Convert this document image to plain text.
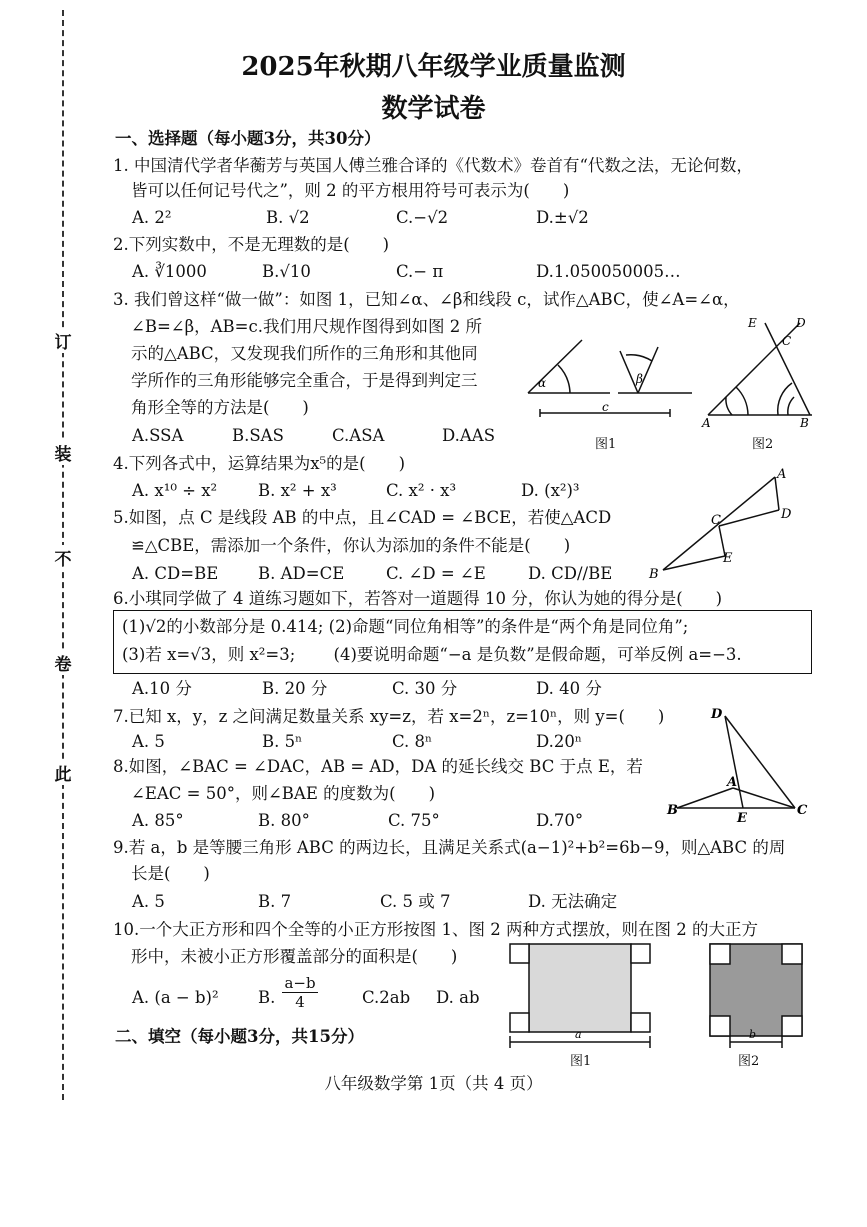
订
装
不
卷
此
2025年秋期八年级学业质量监测
数学试卷
一、选择题（每小题3分，共30分）
1. 中国清代学者华蘅芳与英国人傅兰雅合译的《代数术》卷首有“代数之法，无论何数，
皆可以任何记号代之”，则 2 的平方根用符号可表示为(　　)
A. 2²	B. √2	C.−√2	D.±√2
2.下列实数中，不是无理数的是(　　)
A. ∛1000	B.√10	C.− π	D.1.050050005…
3. 我们曾这样“做一做”：如图 1，已知∠α、∠β和线段 c，试作△ABC，使∠A=∠α，
∠B=∠β，AB=c.我们用尺规作图得到如图 2 所
示的△ABC，又发现我们所作的三角形和其他同
学所作的三角形能够完全重合，于是得到判定三
角形全等的方法是(　　)
A.SSA	B.SAS	C.ASA	D.AAS
α	β
c
A	B
C
D
E
图1	图2
4.下列各式中，运算结果为x⁵的是(　　)
A. x¹⁰ ÷ x² B. x² + x³	C. x² · x³	D. (x²)³
5.如图，点 C 是线段 AB 的中点，且∠CAD = ∠BCE，若使△ACD
≌△CBE，需添加一个条件，你认为添加的条件不能是(　　)
A. CD=BE B. AD=CE	C. ∠D = ∠E	D. CD//BE
A
B
C	D
E
6.小琪同学做了 4 道练习题如下，若答对一道题得 10 分，你认为她的得分是(　　)
(1)√2的小数部分是 0.414; (2)命题“同位角相等”的条件是“两个角是同位角”;
(3)若 x=√3，则 x²=3;　　 (4)要说明命题“−a 是负数”是假命题，可举反例 a=−3.
A.10 分	B. 20 分	C. 30 分	D. 40 分
7.已知 x，y，z 之间满足数量关系 xy=z，若 x=2ⁿ，z=10ⁿ，则 y=(　　)
A. 5	B. 5ⁿ	C. 8ⁿ	D.20ⁿ
8.如图，∠BAC = ∠DAC，AB = AD，DA 的延长线交 BC 于点 E，若
∠EAC = 50°，则∠BAE 的度数为(　　)
A. 85°	B. 80°	C. 75°	D.70°
D
A
B
E
C
9.若 a，b 是等腰三角形 ABC 的两边长，且满足关系式(a−1)²+b²=6b−9，则△ABC 的周
长是(　　)
A. 5	B. 7	C. 5 或 7	D. 无法确定
10.一个大正方形和四个全等的小正方形按图 1、图 2 两种方式摆放，则在图 2 的大正方
形中，未被小正方形覆盖部分的面积是(　　)
A. (a − b)² B. $\frac{a-b}{4}$	C.2ab D. ab
a	b
图1	图2
二、填空（每小题3分，共15分）
八年级数学第 1页（共 4 页）
